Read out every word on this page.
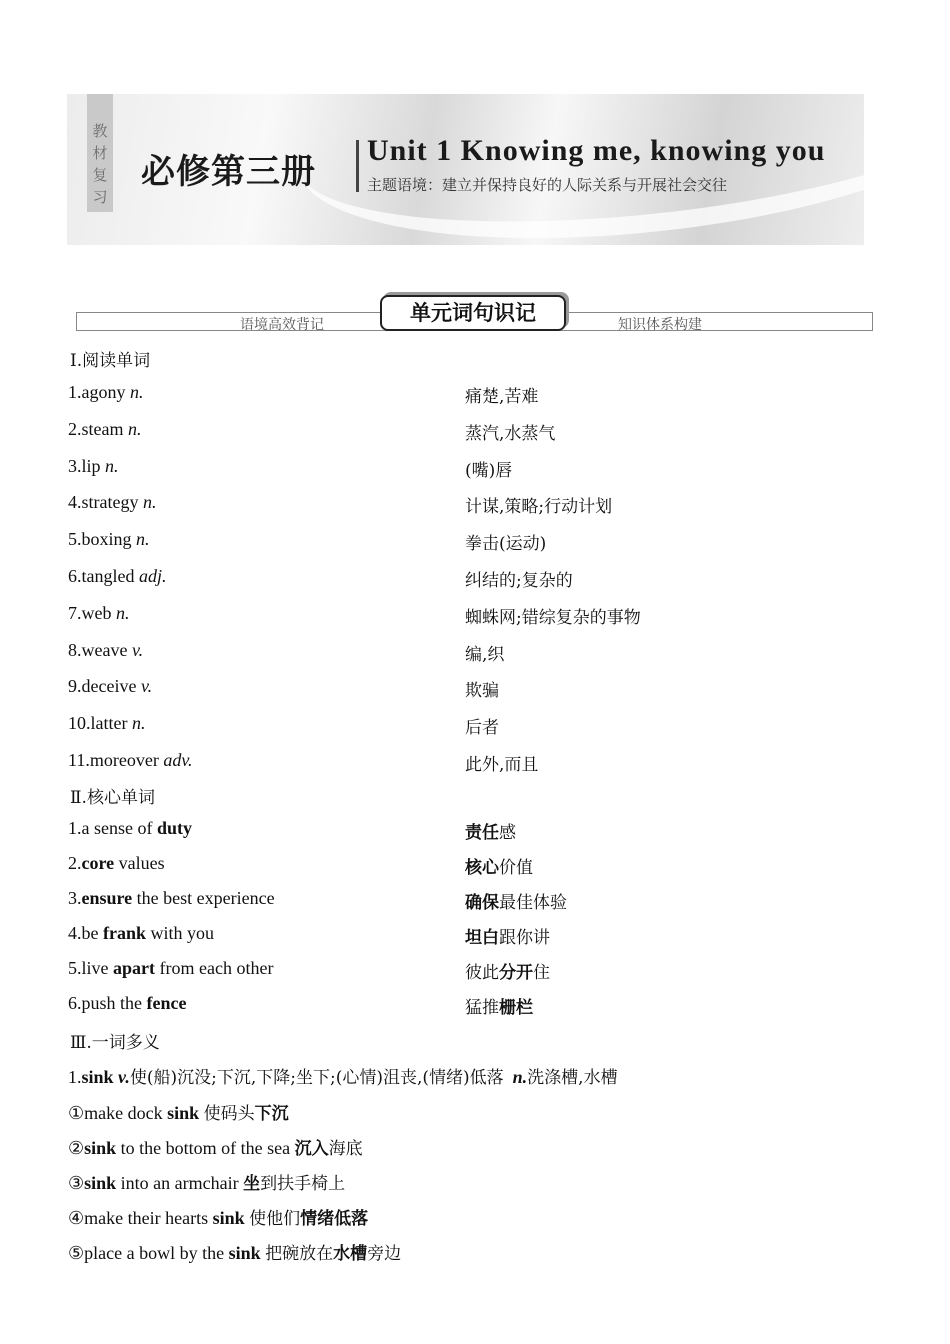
教材复习
必修第三册
Unit 1 Knowing me, knowing you
主题语境：建立并保持良好的人际关系与开展社会交往
语境高效背记	知识体系构建
单元词句识记
Ⅰ.阅读单词
1.agony n.	痛楚,苦难
2.steam n.	蒸汽,水蒸气
3.lip n.	(嘴)唇
4.strategy n.	计谋,策略;行动计划
5.boxing n.	拳击(运动)
6.tangled adj.	纠结的;复杂的
7.web n.	蜘蛛网;错综复杂的事物
8.weave v.	编,织
9.deceive v.	欺骗
10.latter n.	后者
11.moreover adv.	此外,而且
Ⅱ.核心单词
1.a sense of duty	责任感
2.core values	核心价值
3.ensure the best experience	确保最佳体验
4.be frank with you	坦白跟你讲
5.live apart from each other	彼此分开住
6.push the fence	猛推栅栏
Ⅲ.一词多义
1.sink v.使(船)沉没;下沉,下降;坐下;(心情)沮丧,(情绪)低落 n.洗涤槽,水槽
①make dock sink 使码头下沉
②sink to the bottom of the sea 沉入海底
③sink into an armchair 坐到扶手椅上
④make their hearts sink 使他们情绪低落
⑤place a bowl by the sink 把碗放在水槽旁边
